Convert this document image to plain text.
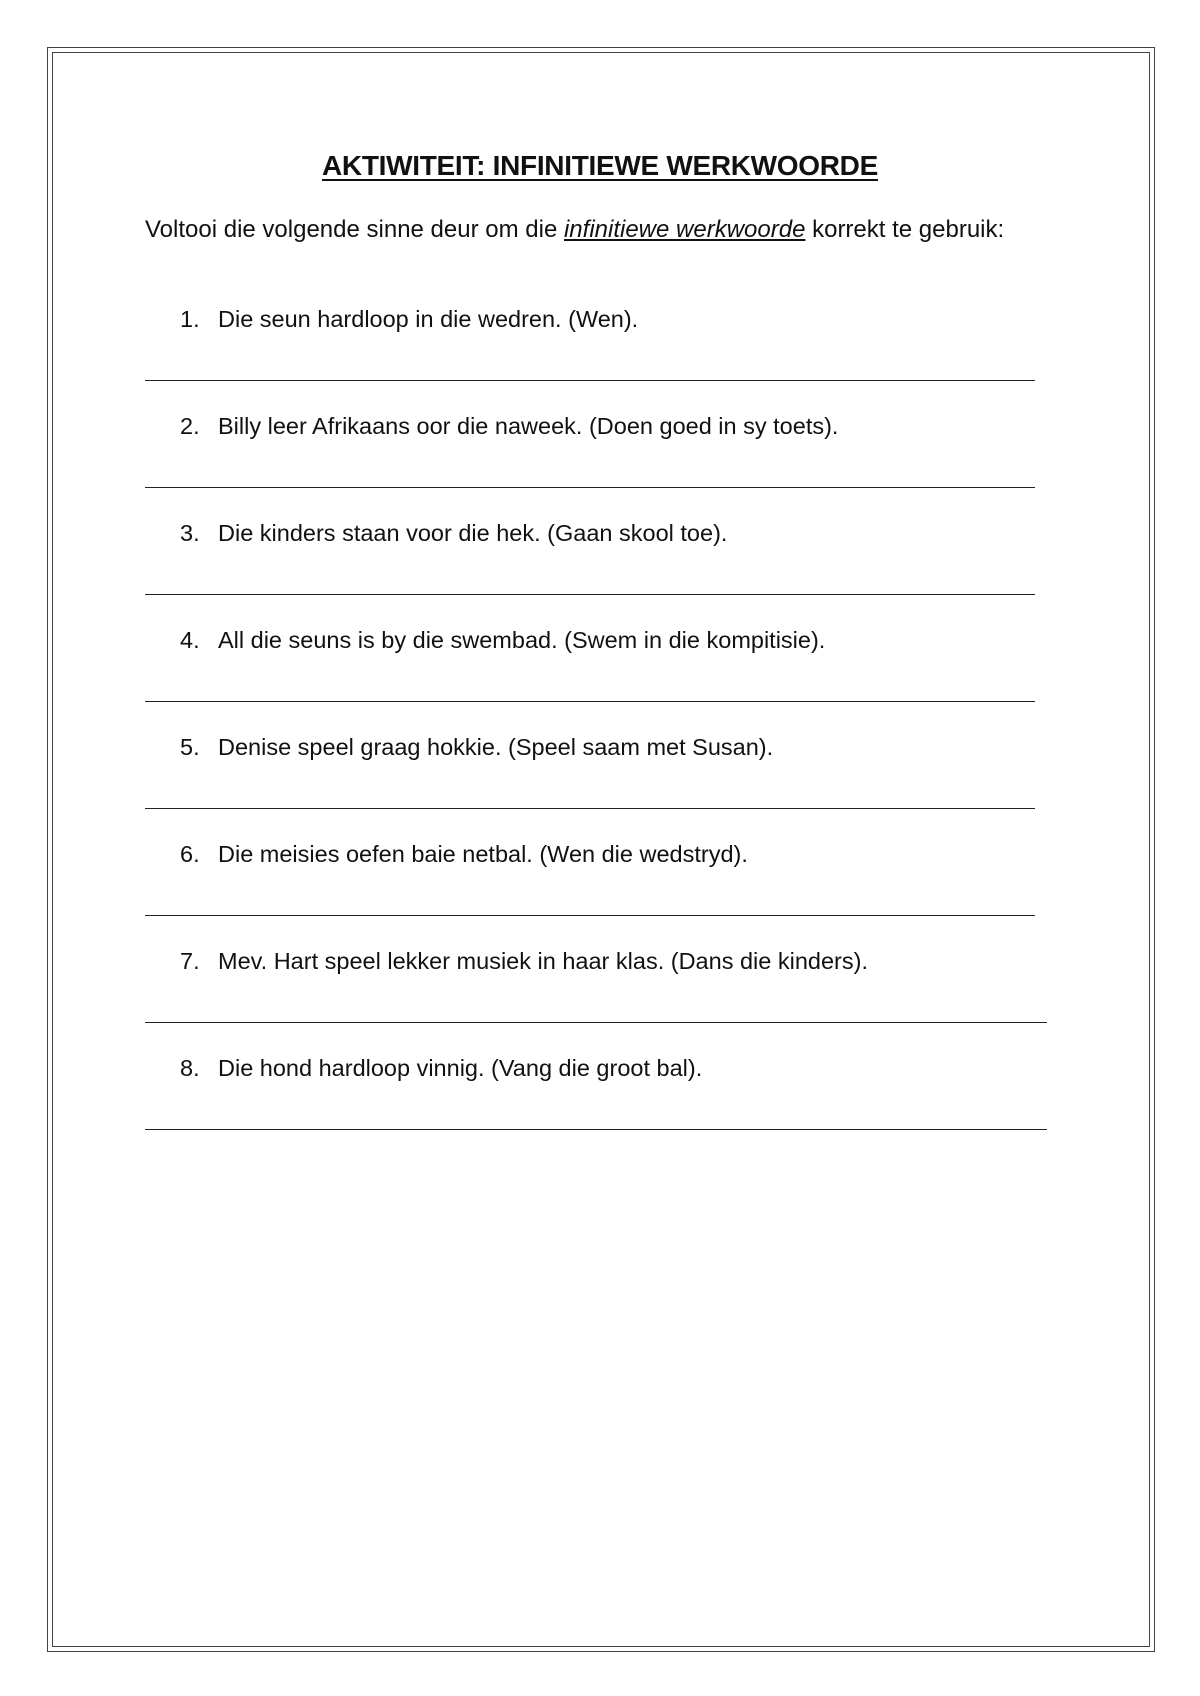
AKTIWITEIT: INFINITIEWE WERKWOORDE
Voltooi die volgende sinne deur om die infinitiewe werkwoorde korrekt te gebruik:
1. Die seun hardloop in die wedren. (Wen).
2. Billy leer Afrikaans oor die naweek. (Doen goed in sy toets).
3. Die kinders staan voor die hek. (Gaan skool toe).
4. All die seuns is by die swembad. (Swem in die kompitisie).
5. Denise speel graag hokkie. (Speel saam met Susan).
6. Die meisies oefen baie netbal. (Wen die wedstryd).
7. Mev. Hart speel lekker musiek in haar klas. (Dans die kinders).
8. Die hond hardloop vinnig. (Vang die groot bal).
